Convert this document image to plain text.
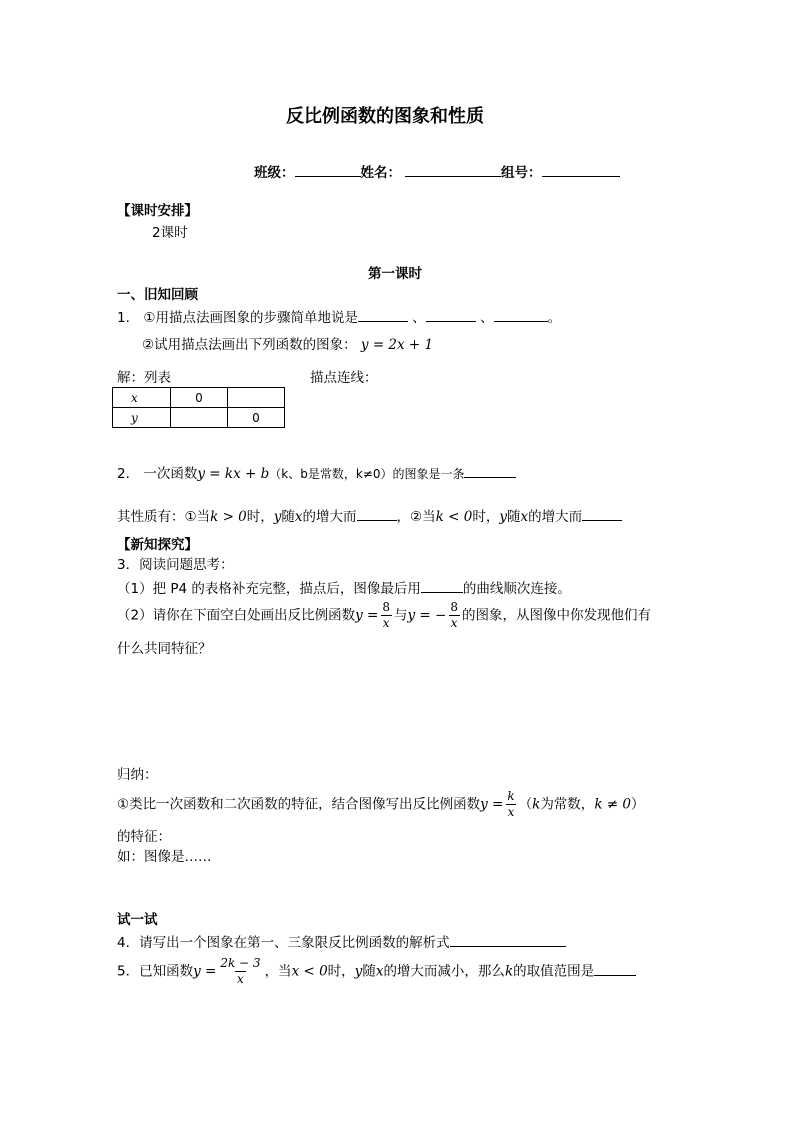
反比例函数的图象和性质
班级：	姓名：	组号：
【课时安排】
2课时
第一课时
一、旧知回顾
1． ①用描点法画图象的步骤简单地说是	、	、	。
②试用描点法画出下列函数的图象： y = 2x + 1
解：列表	描点连线：
x	0	
y		0
2． 一次函数y = kx + b（k、b是常数，k≠0）的图象是一条
其性质有：①当k > 0时，y随x的增大而	，②当k < 0时，y随x的增大而
【新知探究】
3．阅读问题思考：
（1）把 P4 的表格补充完整，描点后，图像最后用	的曲线顺次连接。
（2）请你在下面空白处画出反比例函数$y = \frac{8}{x}$ 与y = − $\frac{8}{x}$ 的图象，从图像中你发现他们有
什么共同特征？
归纳：
①类比一次函数和二次函数的特征，结合图像写出反比例函数$y = \frac{k}{x} (k$为常数，k ≠ 0）
的特征：
如：图像是……
试一试
4．请写出一个图象在第一、三象限反比例函数的解析式
5．已知函数$y = \frac{2k - 3}{x}$ ，当x < 0时，y随x的增大而减小，那么k的取值范围是
